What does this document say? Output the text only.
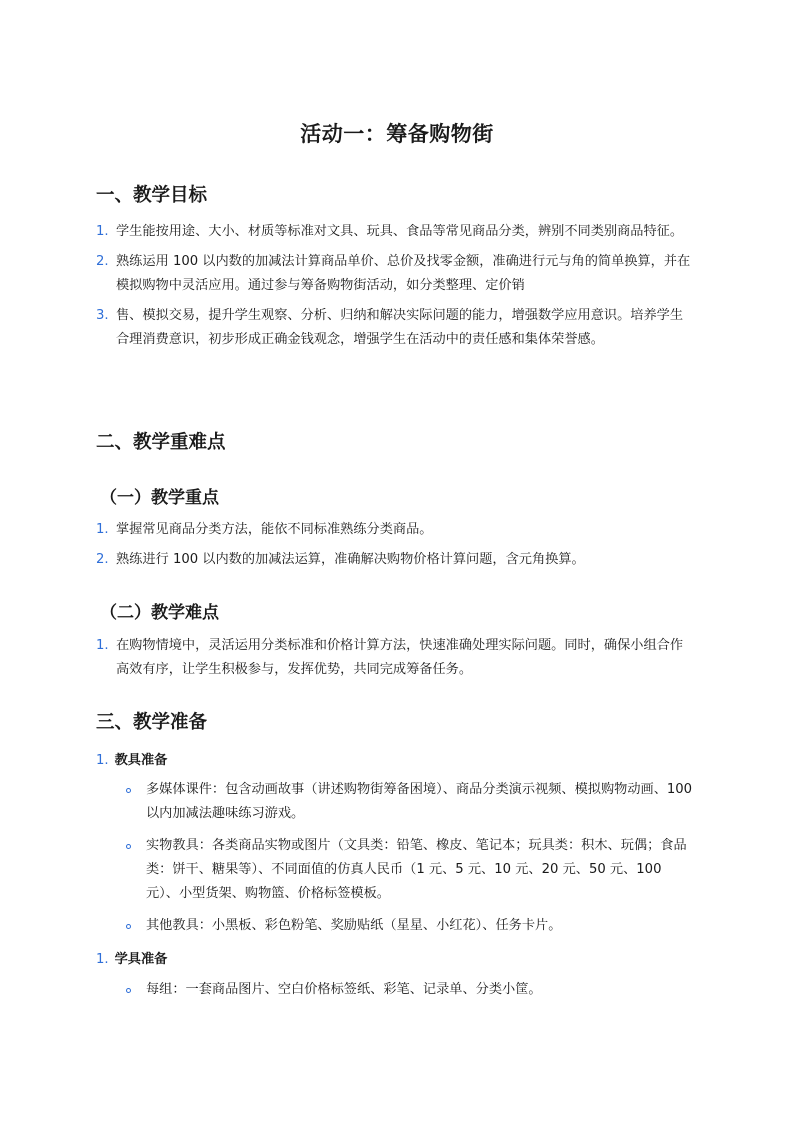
活动一：筹备购物街
一、教学目标
1. 学生能按用途、大小、材质等标准对文具、玩具、食品等常见商品分类，辨别不同类别商品特征。
2. 熟练运用 100 以内数的加减法计算商品单价、总价及找零金额，准确进行元与角的简单换算，并在模拟购物中灵活应用。通过参与筹备购物街活动，如分类整理、定价销
3. 售、模拟交易，提升学生观察、分析、归纳和解决实际问题的能力，增强数学应用意识。培养学生合理消费意识，初步形成正确金钱观念，增强学生在活动中的责任感和集体荣誉感。
二、教学重难点
（一）教学重点
1. 掌握常见商品分类方法，能依不同标准熟练分类商品。
2. 熟练进行 100 以内数的加减法运算，准确解决购物价格计算问题，含元角换算。
（二）教学难点
1. 在购物情境中，灵活运用分类标准和价格计算方法，快速准确处理实际问题。同时，确保小组合作高效有序，让学生积极参与，发挥优势，共同完成筹备任务。
三、教学准备
1. 教具准备
多媒体课件：包含动画故事（讲述购物街筹备困境）、商品分类演示视频、模拟购物动画、100 以内加减法趣味练习游戏。
实物教具：各类商品实物或图片（文具类：铅笔、橡皮、笔记本；玩具类：积木、玩偶；食品类：饼干、糖果等）、不同面值的仿真人民币（1 元、5 元、10 元、20 元、50 元、100 元）、小型货架、购物篮、价格标签模板。
其他教具：小黑板、彩色粉笔、奖励贴纸（星星、小红花）、任务卡片。
1. 学具准备
每组：一套商品图片、空白价格标签纸、彩笔、记录单、分类小筐。
